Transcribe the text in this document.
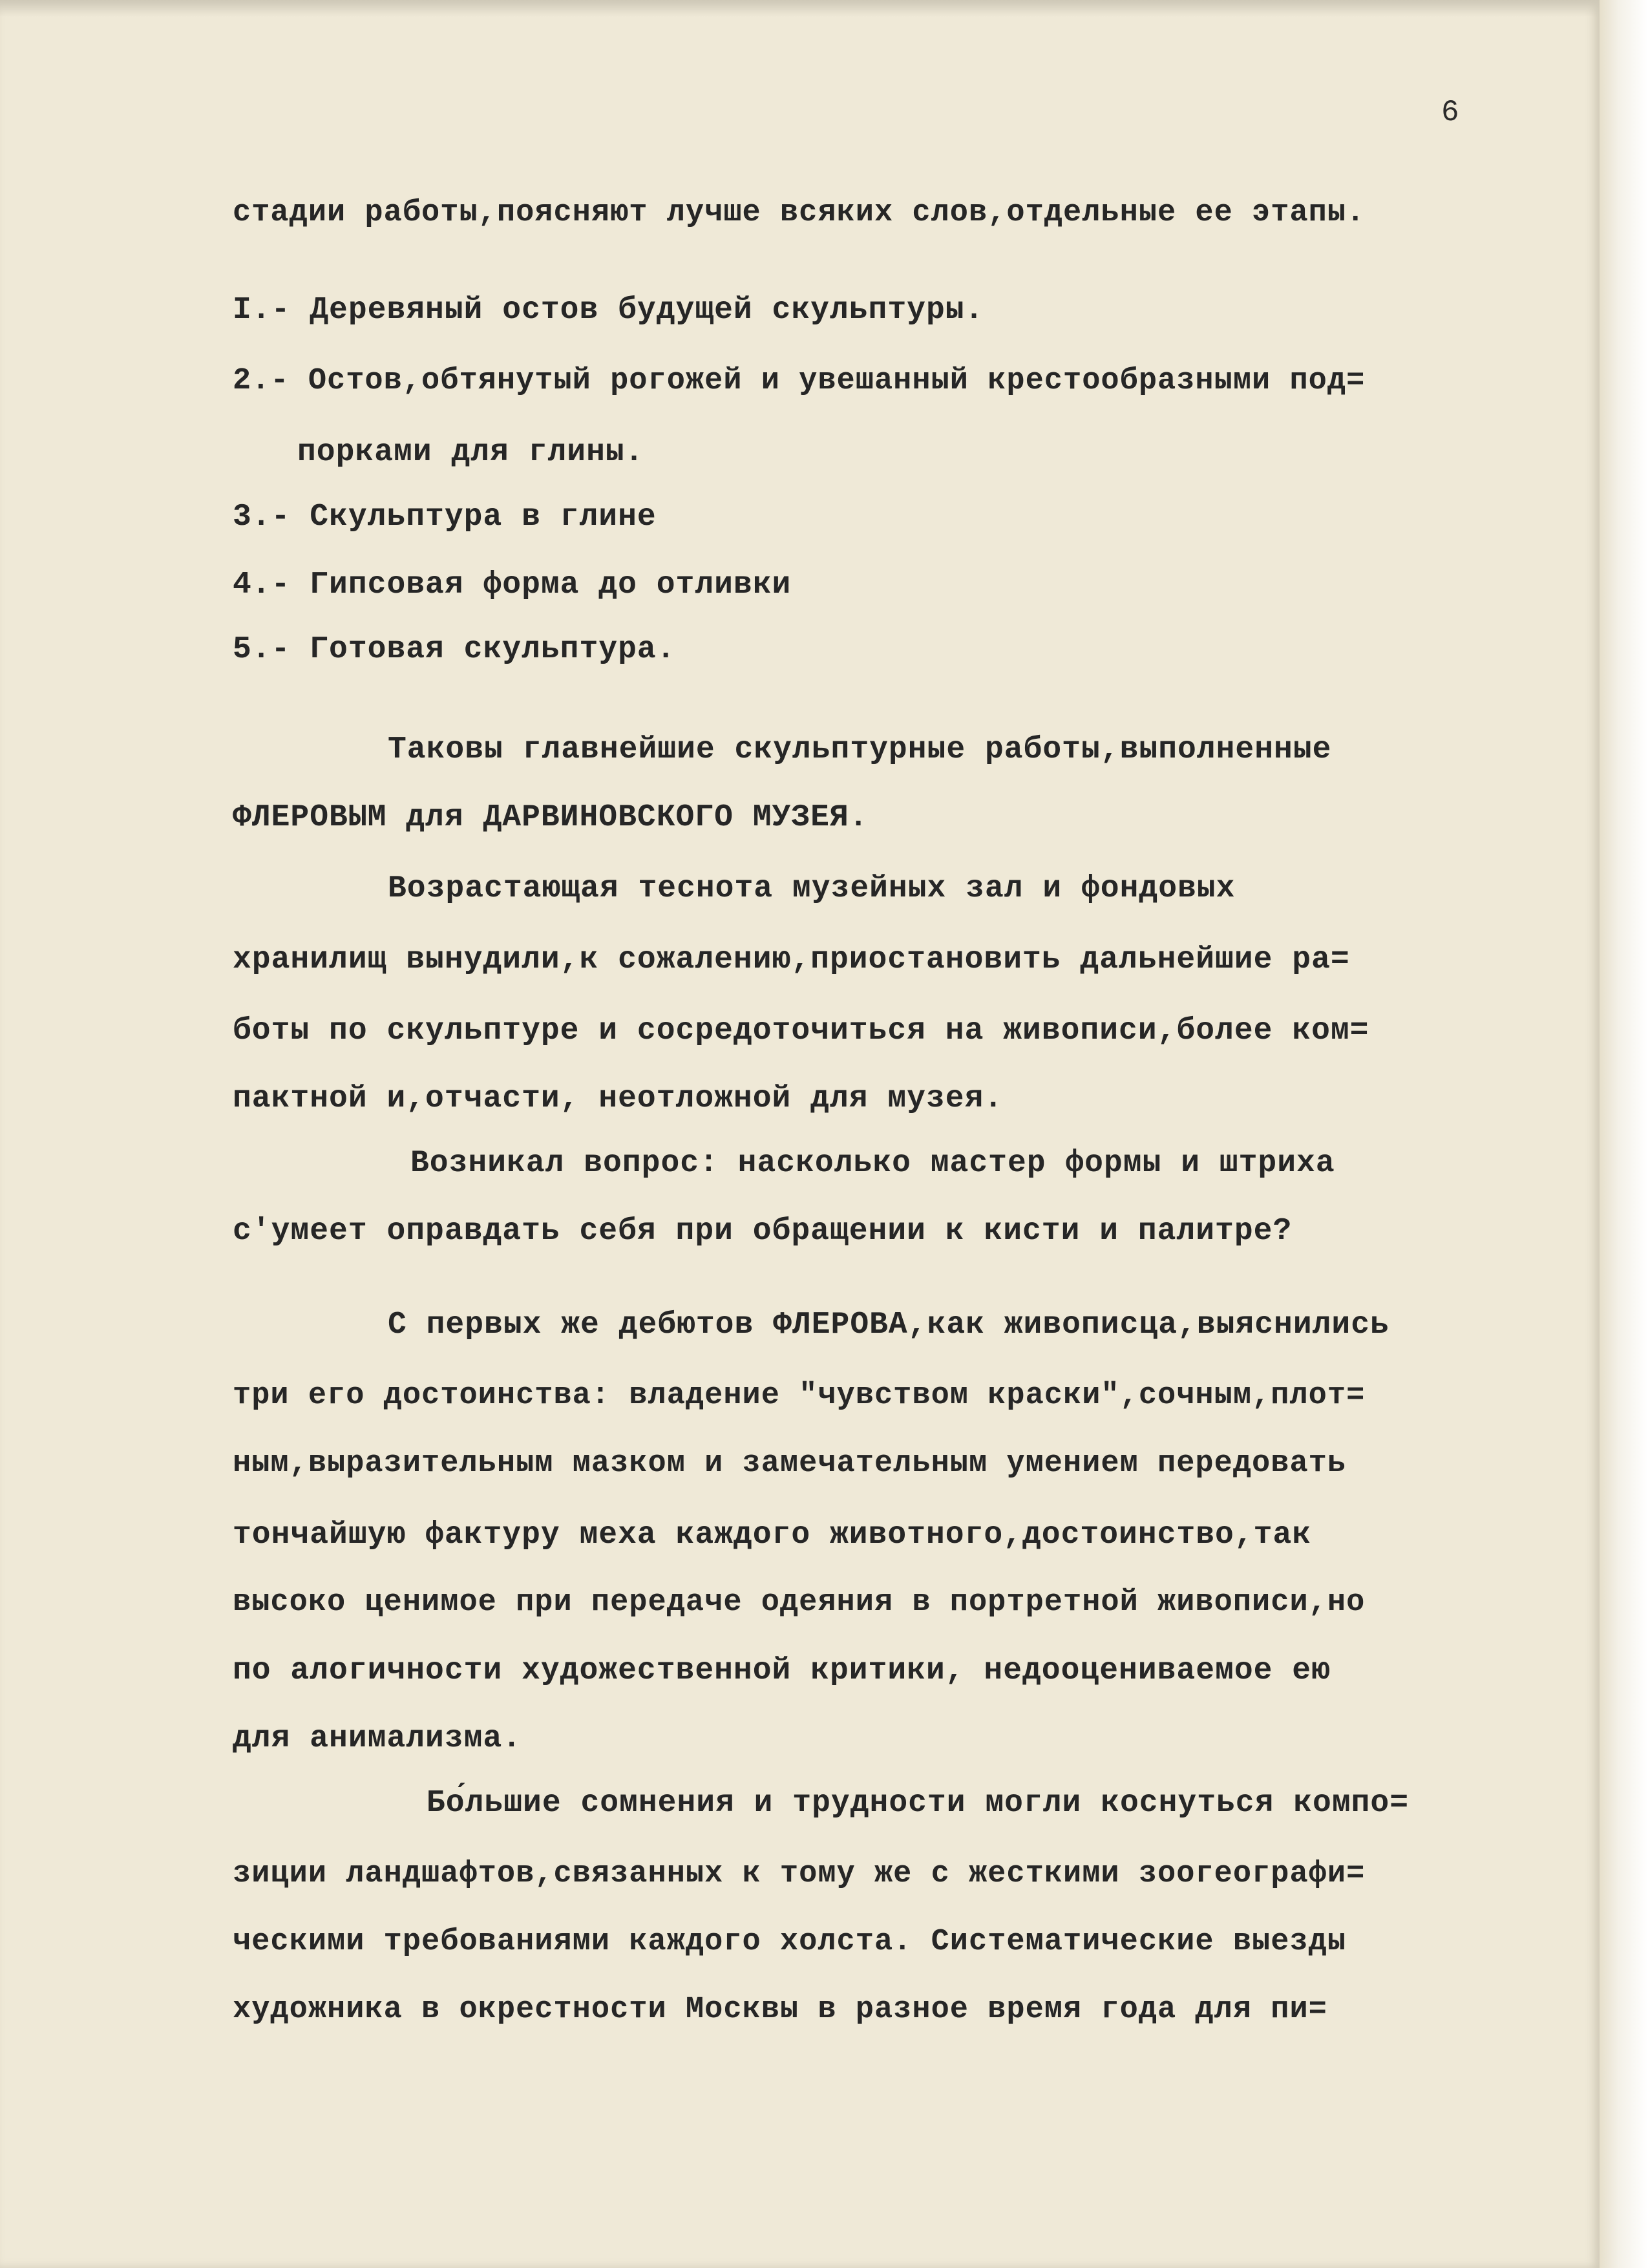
6
стадии работы,поясняют лучше всяких слов,отдельные ее этапы.
I.- Деревяный остов будущей скульптуры.
2.- Остов,обтянутый рогожей и увешанный крестообразными под=
порками для глины.
3.- Скульптура в глине
4.- Гипсовая форма до отливки
5.- Готовая скульптура.
Таковы главнейшие скульптурные работы,выполненные
ФЛЕРОВЫМ для ДАРВИНОВСКОГО МУЗЕЯ.
Возрастающая теснота музейных зал и фондовых
хранилищ вынудили,к сожалению,приостановить дальнейшие ра=
боты по скульптуре и сосредоточиться на живописи,более ком=
пактной и,отчасти, неотложной для музея.
Возникал вопрос: насколько мастер формы и штриха
с'умеет оправдать себя при обращении к кисти и палитре?
С первых же дебютов ФЛЕРОВА,как живописца,выяснились
три его достоинства: владение "чувством краски",сочным,плот=
ным,выразительным мазком и замечательным умением передовать
тончайшую фактуру меха каждого животного,достоинство,так
высоко ценимое при передаче одеяния в портретной живописи,но
по алогичности художественной критики, недооцениваемое ею
для анимализма.
Бо́льшие сомнения и трудности могли коснуться компо=
зиции ландшафтов,связанных к тому же с жесткими зоогеографи=
ческими требованиями каждого холста. Систематические выезды
художника в окрестности Москвы в разное время года для пи=
